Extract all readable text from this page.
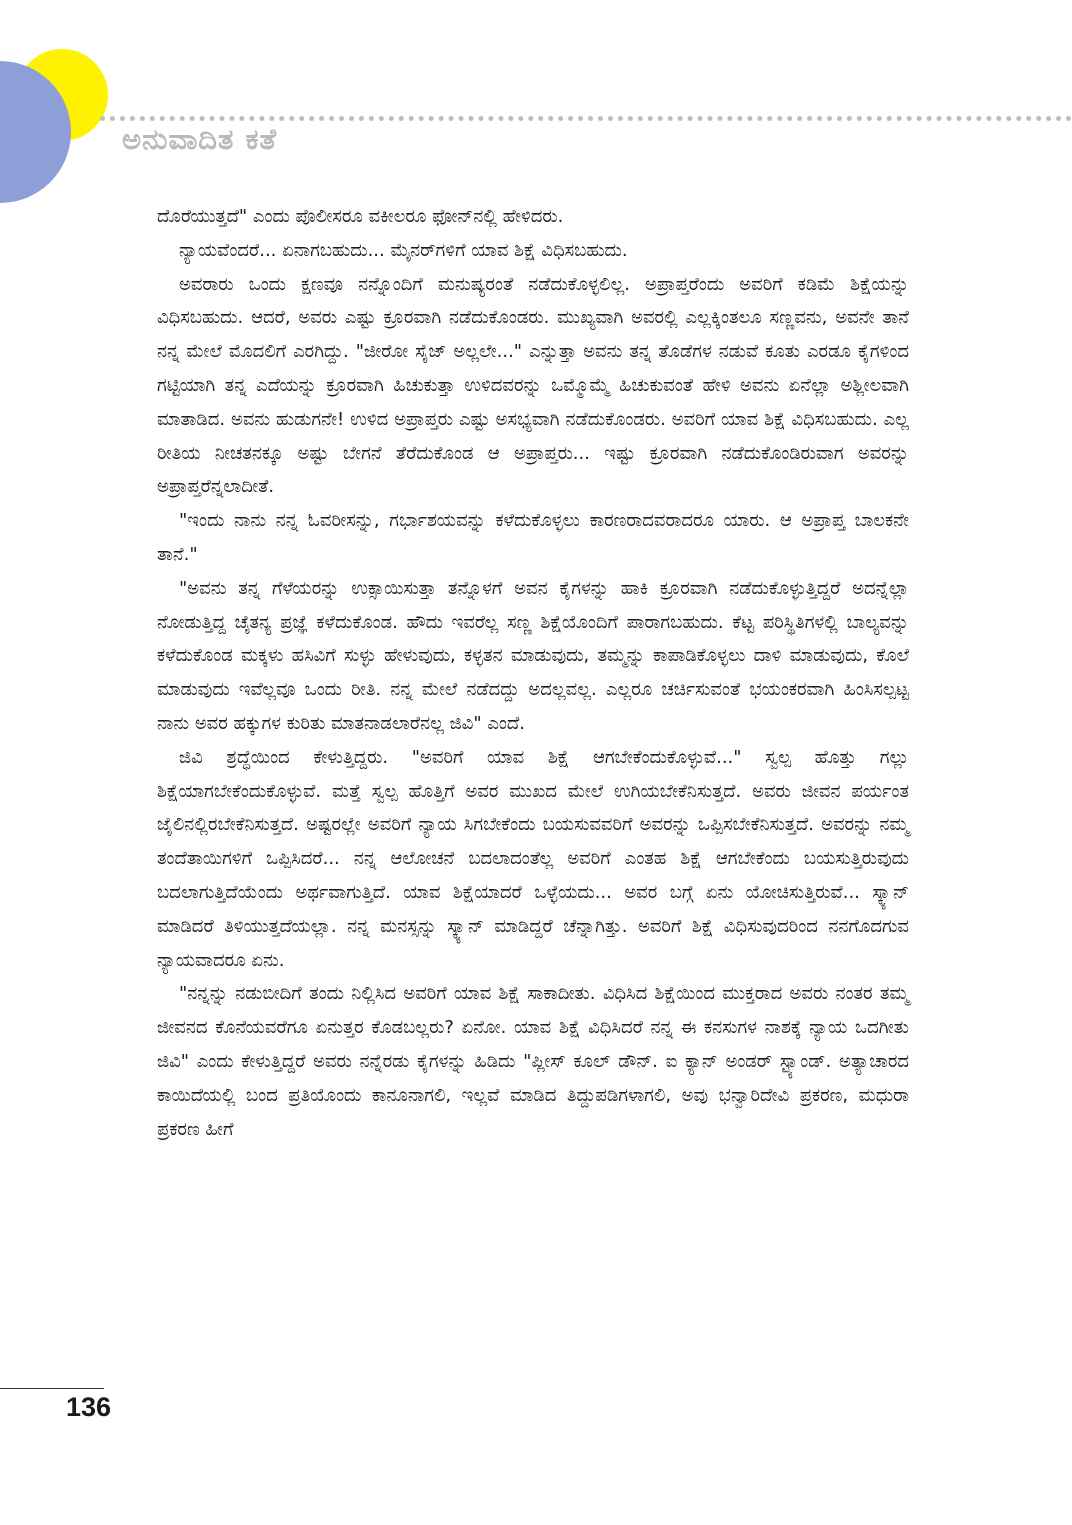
ಅನುವಾದಿತ ಕತೆ

ದೊರೆಯುತ್ತದೆ" ಎಂದು ಪೊಲೀಸರೂ ವಕೀಲರೂ ಫೋನ್‌ನಲ್ಲಿ ಹೇಳಿದರು.

ನ್ಯಾಯವೆಂದರೆ... ಏನಾಗಬಹುದು... ಮೈನರ್‌ಗಳಿಗೆ ಯಾವ ಶಿಕ್ಷೆ ವಿಧಿಸಬಹುದು.

ಅವರಾರು ಒಂದು ಕ್ಷಣವೂ ನನ್ನೊಂದಿಗೆ ಮನುಷ್ಯರಂತೆ ನಡೆದುಕೊಳ್ಳಲಿಲ್ಲ. ಅಪ್ರಾಪ್ತರೆಂದು ಅವರಿಗೆ ಕಡಿಮೆ ಶಿಕ್ಷೆಯನ್ನು ವಿಧಿಸಬಹುದು. ಆದರೆ, ಅವರು ಎಷ್ಟು ಕ್ರೂರವಾಗಿ ನಡೆದುಕೊಂಡರು. ಮುಖ್ಯವಾಗಿ ಅವರಲ್ಲಿ ಎಲ್ಲಕ್ಕಿಂತಲೂ ಸಣ್ಣವನು, ಅವನೇ ತಾನೆ ನನ್ನ ಮೇಲೆ ಮೊದಲಿಗೆ ಎರಗಿದ್ದು. "ಜೀರೋ ಸೈಜ್ ಅಲ್ಲಲೇ..." ಎನ್ನುತ್ತಾ ಅವನು ತನ್ನ ತೊಡೆಗಳ ನಡುವೆ ಕೂತು ಎರಡೂ ಕೈಗಳಿಂದ ಗಟ್ಟಿಯಾಗಿ ತನ್ನ ಎದೆಯನ್ನು ಕ್ರೂರವಾಗಿ ಹಿಚುಕುತ್ತಾ ಉಳಿದವರನ್ನು ಒಮ್ಮೊಮ್ಮೆ ಹಿಚುಕುವಂತೆ ಹೇಳಿ ಅವನು ಏನೆಲ್ಲಾ ಅಶ್ಲೀಲವಾಗಿ ಮಾತಾಡಿದ. ಅವನು ಹುಡುಗನೇ! ಉಳಿದ ಅಪ್ರಾಪ್ತರು ಎಷ್ಟು ಅಸಭ್ಯವಾಗಿ ನಡೆದುಕೊಂಡರು. ಅವರಿಗೆ ಯಾವ ಶಿಕ್ಷೆ ವಿಧಿಸಬಹುದು. ಎಲ್ಲ ರೀತಿಯ ನೀಚತನಕ್ಕೂ ಅಷ್ಟು ಬೇಗನೆ ತೆರೆದುಕೊಂಡ ಆ ಅಪ್ರಾಪ್ತರು... ಇಷ್ಟು ಕ್ರೂರವಾಗಿ ನಡೆದುಕೊಂಡಿರುವಾಗ ಅವರನ್ನು ಅಪ್ರಾಪ್ತರೆನ್ನಲಾದೀತೆ.

"ಇಂದು ನಾನು ನನ್ನ ಓವರೀಸನ್ನು, ಗರ್ಭಾಶಯವನ್ನು ಕಳೆದುಕೊಳ್ಳಲು ಕಾರಣರಾದವರಾದರೂ ಯಾರು. ಆ ಅಪ್ರಾಪ್ತ ಬಾಲಕನೇ ತಾನೆ."

"ಅವನು ತನ್ನ ಗೆಳೆಯರನ್ನು ಉಕ್ಸಾಯಿಸುತ್ತಾ ತನ್ನೊಳಗೆ ಅವನ ಕೈಗಳನ್ನು ಹಾಕಿ ಕ್ರೂರವಾಗಿ ನಡೆದುಕೊಳ್ಳುತ್ತಿದ್ದರೆ ಅದನ್ನೆಲ್ಲಾ ನೋಡುತ್ತಿದ್ದ ಚೈತನ್ಯ ಪ್ರಜ್ಞೆ ಕಳೆದುಕೊಂಡ. ಹೌದು ಇವರೆಲ್ಲ ಸಣ್ಣ ಶಿಕ್ಷೆಯೊಂದಿಗೆ ಪಾರಾಗಬಹುದು. ಕೆಟ್ಟ ಪರಿಸ್ಥಿತಿಗಳಲ್ಲಿ ಬಾಲ್ಯವನ್ನು ಕಳೆದುಕೊಂಡ ಮಕ್ಕಳು ಹಸಿವಿಗೆ ಸುಳ್ಳು ಹೇಳುವುದು, ಕಳ್ಳತನ ಮಾಡುವುದು, ತಮ್ಮನ್ನು ಕಾಪಾಡಿಕೊಳ್ಳಲು ದಾಳಿ ಮಾಡುವುದು, ಕೊಲೆ ಮಾಡುವುದು ಇವೆಲ್ಲವೂ ಒಂದು ರೀತಿ. ನನ್ನ ಮೇಲೆ ನಡೆದದ್ದು ಅದಲ್ಲವಲ್ಲ. ಎಲ್ಲರೂ ಚರ್ಚಿಸುವಂತೆ ಭಯಂಕರವಾಗಿ ಹಿಂಸಿಸಲ್ಪಟ್ಟ ನಾನು ಅವರ ಹಕ್ಕುಗಳ ಕುರಿತು ಮಾತನಾಡಲಾರೆನಲ್ಲ ಜಿವಿ" ಎಂದೆ.

ಜಿವಿ ಶ್ರದ್ಧೆಯಿಂದ ಕೇಳುತ್ತಿದ್ದರು. "ಅವರಿಗೆ ಯಾವ ಶಿಕ್ಷೆ ಆಗಬೇಕೆಂದುಕೊಳ್ಳುವೆ..." ಸ್ವಲ್ಪ ಹೊತ್ತು ಗಲ್ಲು ಶಿಕ್ಷೆಯಾಗಬೇಕೆಂದುಕೊಳ್ಳುವೆ. ಮತ್ತೆ ಸ್ವಲ್ಪ ಹೊತ್ತಿಗೆ ಅವರ ಮುಖದ ಮೇಲೆ ಉಗಿಯಬೇಕೆನಿಸುತ್ತದೆ. ಅವರು ಜೀವನ ಪರ್ಯಂತ ಜೈಲಿನಲ್ಲಿರಬೇಕೆನಿಸುತ್ತದೆ. ಅಷ್ಟರಲ್ಲೇ ಅವರಿಗೆ ನ್ಯಾಯ ಸಿಗಬೇಕೆಂದು ಬಯಸುವವರಿಗೆ ಅವರನ್ನು ಒಪ್ಪಿಸಬೇಕೆನಿಸುತ್ತದೆ. ಅವರನ್ನು ನಮ್ಮ ತಂದೆತಾಯಿಗಳಿಗೆ ಒಪ್ಪಿಸಿದರೆ... ನನ್ನ ಆಲೋಚನೆ ಬದಲಾದಂತೆಲ್ಲ ಅವರಿಗೆ ಎಂತಹ ಶಿಕ್ಷೆ ಆಗಬೇಕೆಂದು ಬಯಸುತ್ತಿರುವುದು ಬದಲಾಗುತ್ತಿದೆಯೆಂದು ಅರ್ಥವಾಗುತ್ತಿದೆ. ಯಾವ ಶಿಕ್ಷೆಯಾದರೆ ಒಳ್ಳೆಯದು... ಅವರ ಬಗ್ಗೆ ಏನು ಯೋಚಿಸುತ್ತಿರುವೆ... ಸ್ಕ್ಯಾನ್ ಮಾಡಿದರೆ ತಿಳಿಯುತ್ತದೆಯಲ್ಲಾ. ನನ್ನ ಮನಸ್ಸನ್ನು ಸ್ಕ್ಯಾನ್ ಮಾಡಿದ್ದರೆ ಚೆನ್ನಾಗಿತ್ತು. ಅವರಿಗೆ ಶಿಕ್ಷೆ ವಿಧಿಸುವುದರಿಂದ ನನಗೊದಗುವ ನ್ಯಾಯವಾದರೂ ಏನು.

"ನನ್ನನ್ನು ನಡುಬೀದಿಗೆ ತಂದು ನಿಲ್ಲಿಸಿದ ಅವರಿಗೆ ಯಾವ ಶಿಕ್ಷೆ ಸಾಕಾದೀತು. ವಿಧಿಸಿದ ಶಿಕ್ಷೆಯಿಂದ ಮುಕ್ತರಾದ ಅವರು ನಂತರ ತಮ್ಮ ಜೀವನದ ಕೊನೆಯವರೆಗೂ ಏನುತ್ತರ ಕೊಡಬಲ್ಲರು? ಏನೋ. ಯಾವ ಶಿಕ್ಷೆ ವಿಧಿಸಿದರೆ ನನ್ನ ಈ ಕನಸುಗಳ ನಾಶಕ್ಕೆ ನ್ಯಾಯ ಒದಗೀತು ಜಿವಿ" ಎಂದು ಕೇಳುತ್ತಿದ್ದರೆ ಅವರು ನನ್ನೆರಡು ಕೈಗಳನ್ನು ಹಿಡಿದು "ಪ್ಲೀಸ್ ಕೂಲ್ ಡೌನ್. ಐ ಕ್ಯಾನ್ ಅಂಡರ್ ಸ್ಟ್ಯಾಂಡ್. ಅತ್ಯಾಚಾರದ ಕಾಯಿದೆಯಲ್ಲಿ ಬಂದ ಪ್ರತಿಯೊಂದು ಕಾನೂನಾಗಲಿ, ಇಲ್ಲವೆ ಮಾಡಿದ ತಿದ್ದುಪಡಿಗಳಾಗಲಿ, ಅವು ಭನ್ವಾರಿದೇವಿ ಪ್ರಕರಣ, ಮಧುರಾ ಪ್ರಕರಣ ಹೀಗೆ

136
